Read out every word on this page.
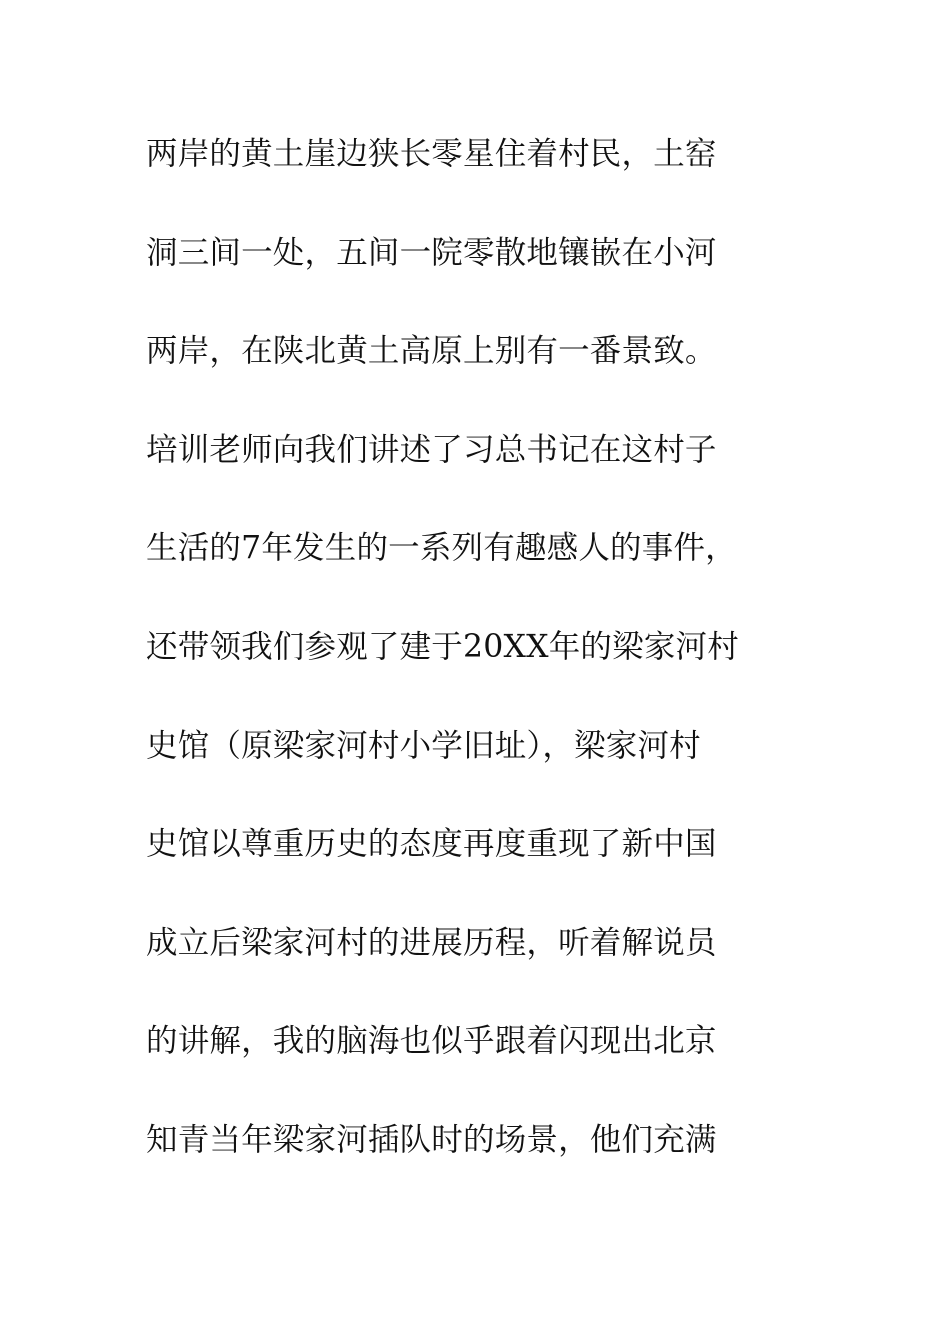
两岸的黄土崖边狭长零星住着村民，土窑
洞三间一处，五间一院零散地镶嵌在小河
两岸，在陕北黄土高原上别有一番景致。
培训老师向我们讲述了习总书记在这村子
生活的7年发生的一系列有趣感人的事件，
还带领我们参观了建于20XX年的梁家河村
史馆（原梁家河村小学旧址），梁家河村
史馆以尊重历史的态度再度重现了新中国
成立后梁家河村的进展历程，听着解说员
的讲解，我的脑海也似乎跟着闪现出北京
知青当年梁家河插队时的场景，他们充满
